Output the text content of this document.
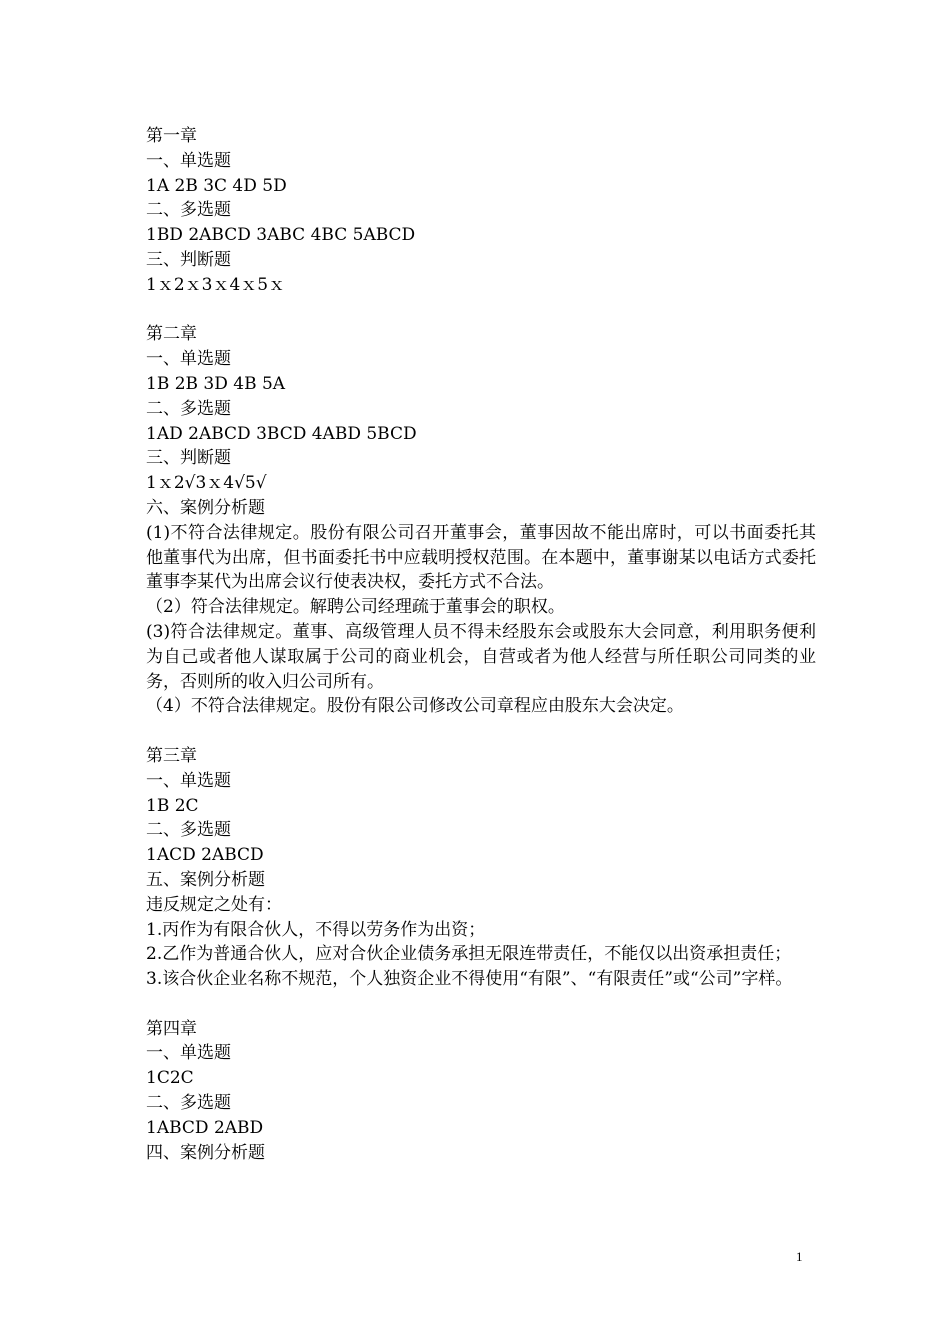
第一章
一、单选题
1A 2B 3C 4D 5D
二、多选题
1BD 2ABCD 3ABC 4BC 5ABCD
三、判断题
1ｘ2ｘ3ｘ4ｘ5ｘ
第二章
一、单选题
1B 2B 3D 4B 5A
二、多选题
1AD 2ABCD 3BCD 4ABD 5BCD
三、判断题
1ｘ2√3ｘ4√5√
六、案例分析题
(1)不符合法律规定。股份有限公司召开董事会，董事因故不能出席时，可以书面委托其他董事代为出席，但书面委托书中应载明授权范围。在本题中，董事谢某以电话方式委托董事李某代为出席会议行使表决权，委托方式不合法。
（2）符合法律规定。解聘公司经理疏于董事会的职权。
(3)符合法律规定。董事、高级管理人员不得未经股东会或股东大会同意，利用职务便利为自己或者他人谋取属于公司的商业机会，自营或者为他人经营与所任职公司同类的业务，否则所的收入归公司所有。
（4）不符合法律规定。股份有限公司修改公司章程应由股东大会决定。
第三章
一、单选题
1B 2C
二、多选题
1ACD 2ABCD
五、案例分析题
违反规定之处有：
1.丙作为有限合伙人，不得以劳务作为出资；
2.乙作为普通合伙人，应对合伙企业债务承担无限连带责任，不能仅以出资承担责任；
3.该合伙企业名称不规范，个人独资企业不得使用“有限”、“有限责任”或“公司”字样。
第四章
一、单选题
1C2C
二、多选题
1ABCD 2ABD
四、案例分析题
1
